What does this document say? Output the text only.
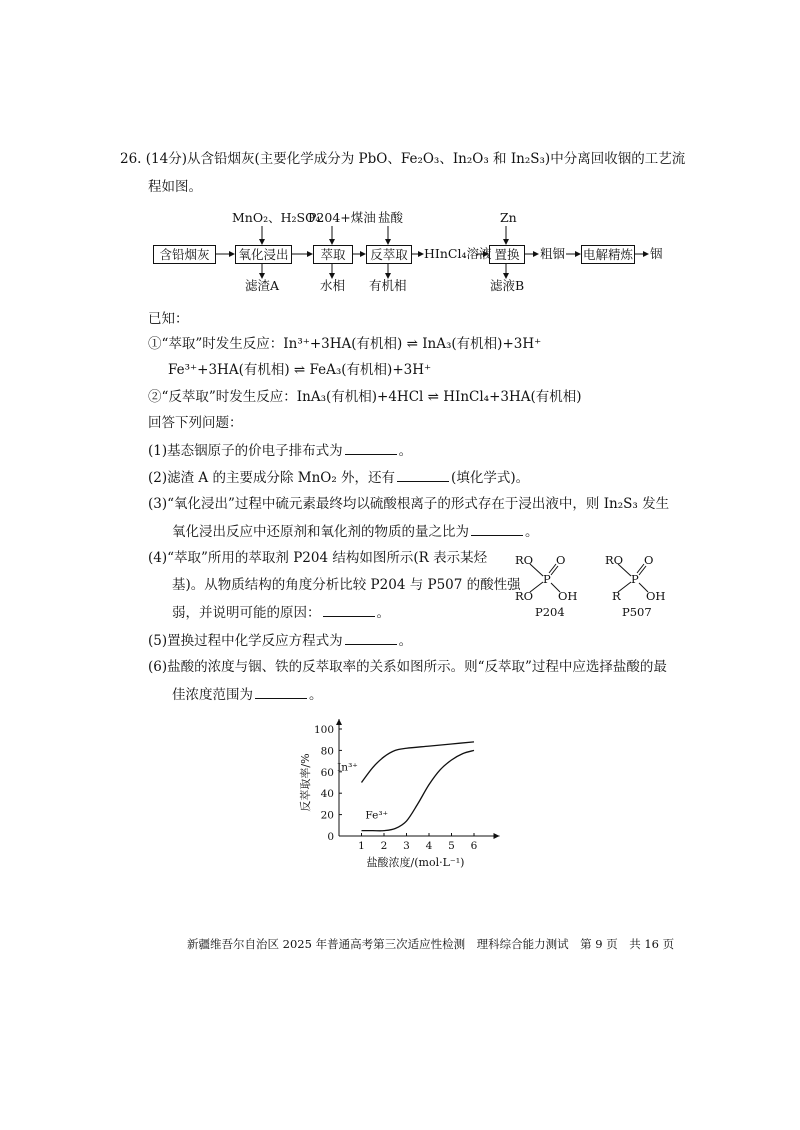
26. (14分)从含铅烟灰(主要化学成分为 PbO、Fe₂O₃、In₂O₃ 和 In₂S₃)中分离回收铟的工艺流
程如图。
含铅烟灰	氧化浸出	萃取	反萃取	置换	电解精炼
MnO₂、H₂SO₄
P204+煤油 盐酸	Zn
HInCl₄溶液	粗铟	铟
滤渣A	水相 有机相	滤液B
已知：
①“萃取”时发生反应：In³⁺+3HA(有机相) ⇌ InA₃(有机相)+3H⁺
Fe³⁺+3HA(有机相) ⇌ FeA₃(有机相)+3H⁺
②“反萃取”时发生反应：InA₃(有机相)+4HCl ⇌ HInCl₄+3HA(有机相)
回答下列问题：
(1)基态铟原子的价电子排布式为	。
(2)滤渣 A 的主要成分除 MnO₂ 外，还有	(填化学式)。
(3)“氧化浸出”过程中硫元素最终均以硫酸根离子的形式存在于浸出液中，则 In₂S₃ 发生
氧化浸出反应中还原剂和氧化剂的物质的量之比为	。
(4)“萃取”所用的萃取剂 P204 结构如图所示(R 表示某烃
基)。从物质结构的角度分析比较 P204 与 P507 的酸性强
弱，并说明可能的原因：	。
RO O
P
RO OH
P204
RO O
P
R OH
P507
(5)置换过程中化学反应方程式为	。
(6)盐酸的浓度与铟、铁的反萃取率的关系如图所示。则“反萃取”过程中应选择盐酸的最
佳浓度范围为	。
1 2 3 4 5 6
0
20
40
60
80
100
盐酸浓度/(mol·L⁻¹)
反萃取率/% In³⁺
Fe³⁺
新疆维吾尔自治区 2025 年普通高考第三次适应性检测　理科综合能力测试　第 9 页　共 16 页
